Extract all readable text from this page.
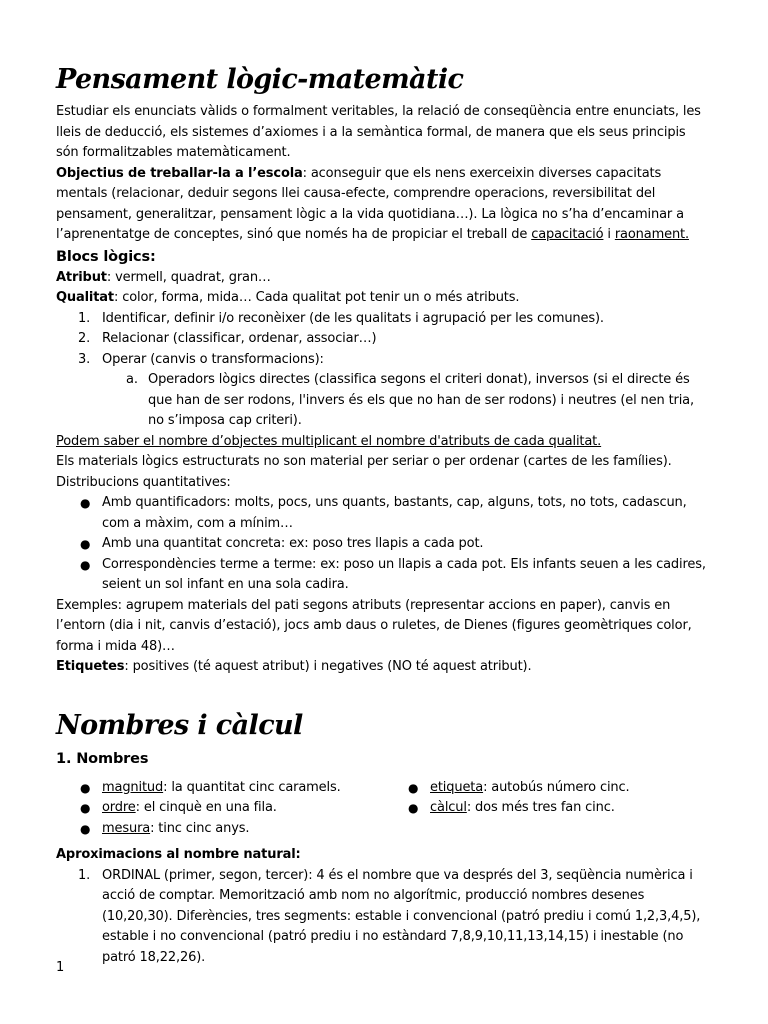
Pensament lògic-matemàtic

Estudiar els enunciats vàlids o formalment veritables, la relació de conseqüència entre enunciats, les lleis de deducció, els sistemes d’axiomes i a la semàntica formal, de manera que els seus principis són formalitzables matemàticament.

Objectius de treballar-la a l’escola: aconseguir que els nens exerceixin diverses capacitats mentals (relacionar, deduir segons llei causa-efecte, comprendre operacions, reversibilitat del pensament, generalitzar, pensament lògic a la vida quotidiana…). La lògica no s’ha d’encaminar a l’aprenentatge de conceptes, sinó que només ha de propiciar el treball de capacitació i raonament.

Blocs lògics:

Atribut: vermell, quadrat, gran…

Qualitat: color, forma, mida… Cada qualitat pot tenir un o més atributs.

1. Identificar, definir i/o reconèixer (de les qualitats i agrupació per les comunes).
2. Relacionar (classificar, ordenar, associar…)
3. Operar (canvis o transformacions):
a. Operadors lògics directes (classifica segons el criteri donat), inversos (si el directe és que han de ser rodons, l'invers és els que no han de ser rodons) i neutres (el nen tria, no s’imposa cap criteri).

Podem saber el nombre d’objectes multiplicant el nombre d'atributs de cada qualitat.

Els materials lògics estructurats no son material per seriar o per ordenar (cartes de les famílies).

Distribucions quantitatives:

● Amb quantificadors: molts, pocs, uns quants, bastants, cap, alguns, tots, no tots, cadascun, com a màxim, com a mínim…
● Amb una quantitat concreta: ex: poso tres llapis a cada pot.
● Correspondències terme a terme: ex: poso un llapis a cada pot. Els infants seuen a les cadires, seient un sol infant en una sola cadira.

Exemples: agrupem materials del pati segons atributs (representar accions en paper), canvis en l’entorn (dia i nit, canvis d’estació), jocs amb daus o ruletes, de Dienes (figures geomètriques color, forma i mida 48)…

Etiquetes: positives (té aquest atribut) i negatives (NO té aquest atribut).

Nombres i càlcul
1. Nombres
● magnitud: la quantitat cinc caramels.
● ordre: el cinquè en una fila.
● mesura: tinc cinc anys.
● etiqueta: autobús número cinc.
● càlcul: dos més tres fan cinc.

Aproximacions al nombre natural:

1. ORDINAL (primer, segon, tercer): 4 és el nombre que va després del 3, seqüència numèrica i acció de comptar. Memorització amb nom no algorítmic, producció nombres desenes (10,20,30). Diferències, tres segments: estable i convencional (patró prediu i comú 1,2,3,4,5), estable i no convencional (patró prediu i no estàndard 7,8,9,10,11,13,14,15) i inestable (no patró 18,22,26).
1
